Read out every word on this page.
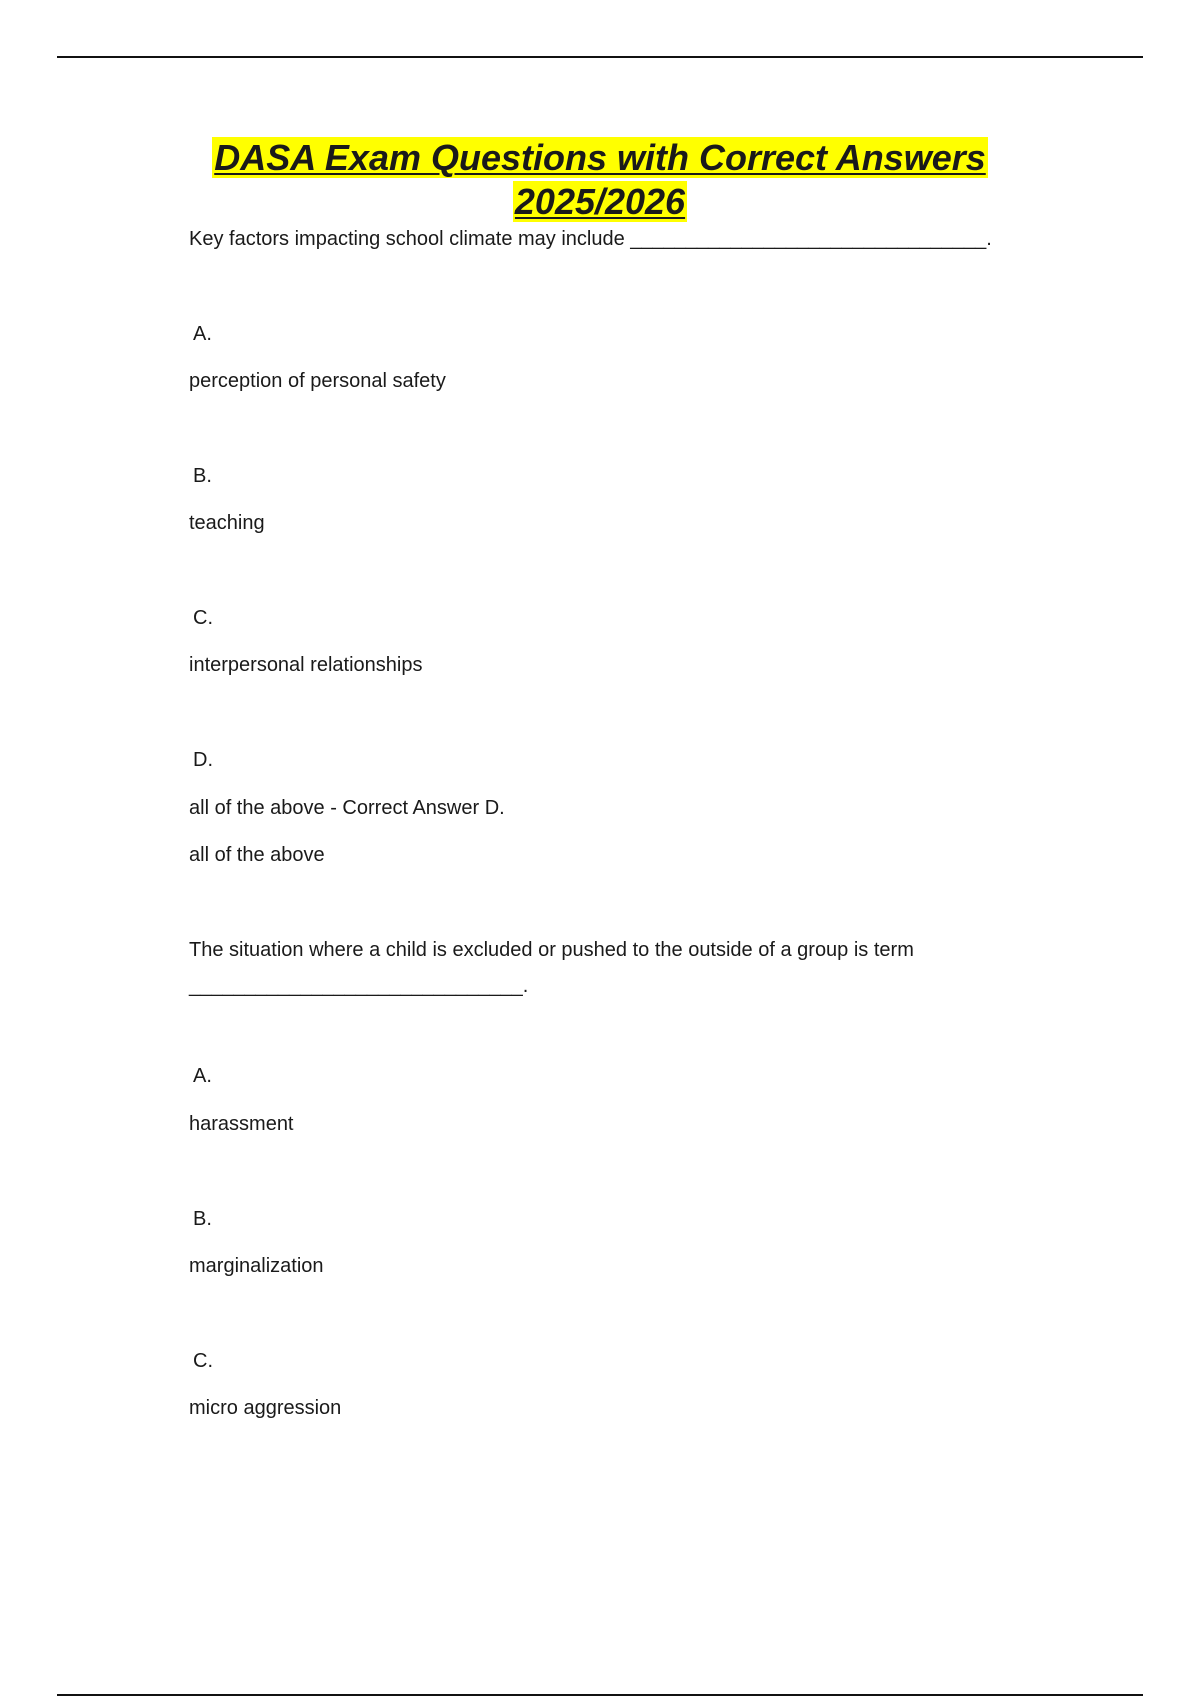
DASA Exam Questions with Correct Answers
2025/2026

Key factors impacting school climate may include ________________________________.

A.

perception of personal safety

B.

teaching

C.

interpersonal relationships

D.

all of the above - Correct Answer D.

all of the above

The situation where a child is excluded or pushed to the outside of a group is term

______________________________.

A.

harassment

B.

marginalization

C.

micro aggression
